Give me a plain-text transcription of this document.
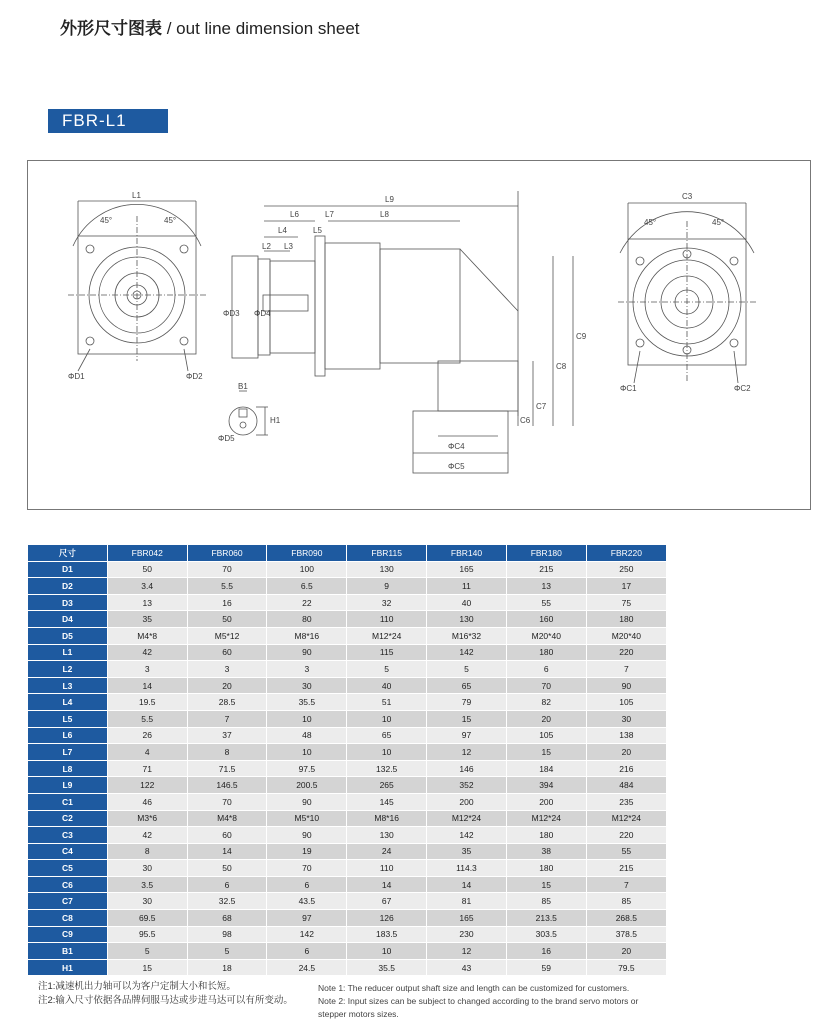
外形尺寸图表 / out line dimension sheet
FBR-L1
L1
45°	45°
ΦD1	ΦD2
L9
L6	L7	L8
L4	L5
L2 L3
ΦD4
ΦD3
B1
H1
ΦD5
ΦC4
ΦC5
C6
C7
C8
C9
C3
45°	45°
ΦC1	ΦC2
尺寸	FBR042	FBR060	FBR090	FBR115	FBR140	FBR180	FBR220
D1	50	70	100	130	165	215	250
D2	3.4	5.5	6.5	9	11	13	17
D3	13	16	22	32	40	55	75
D4	35	50	80	110	130	160	180
D5	M4*8	M5*12	M8*16	M12*24	M16*32	M20*40	M20*40
L1	42	60	90	115	142	180	220
L2	3	3	3	5	5	6	7
L3	14	20	30	40	65	70	90
L4	19.5	28.5	35.5	51	79	82	105
L5	5.5	7	10	10	15	20	30
L6	26	37	48	65	97	105	138
L7	4	8	10	10	12	15	20
L8	71	71.5	97.5	132.5	146	184	216
L9	122	146.5	200.5	265	352	394	484
C1	46	70	90	145	200	200	235
C2	M3*6	M4*8	M5*10	M8*16	M12*24	M12*24	M12*24
C3	42	60	90	130	142	180	220
C4	8	14	19	24	35	38	55
C5	30	50	70	110	114.3	180	215
C6	3.5	6	6	14	14	15	7
C7	30	32.5	43.5	67	81	85	85
C8	69.5	68	97	126	165	213.5	268.5
C9	95.5	98	142	183.5	230	303.5	378.5
B1	5	5	6	10	12	16	20
H1	15	18	24.5	35.5	43	59	79.5
注1:减速机出力轴可以为客户定制大小和长短。
注2:输入尺寸依据各品牌伺服马达或步进马达可以有所变动。
Note 1: The reducer output shaft size and length can be customized for customers.
Note 2: Input sizes can be subject to changed according to the brand servo motors or stepper motors sizes.
